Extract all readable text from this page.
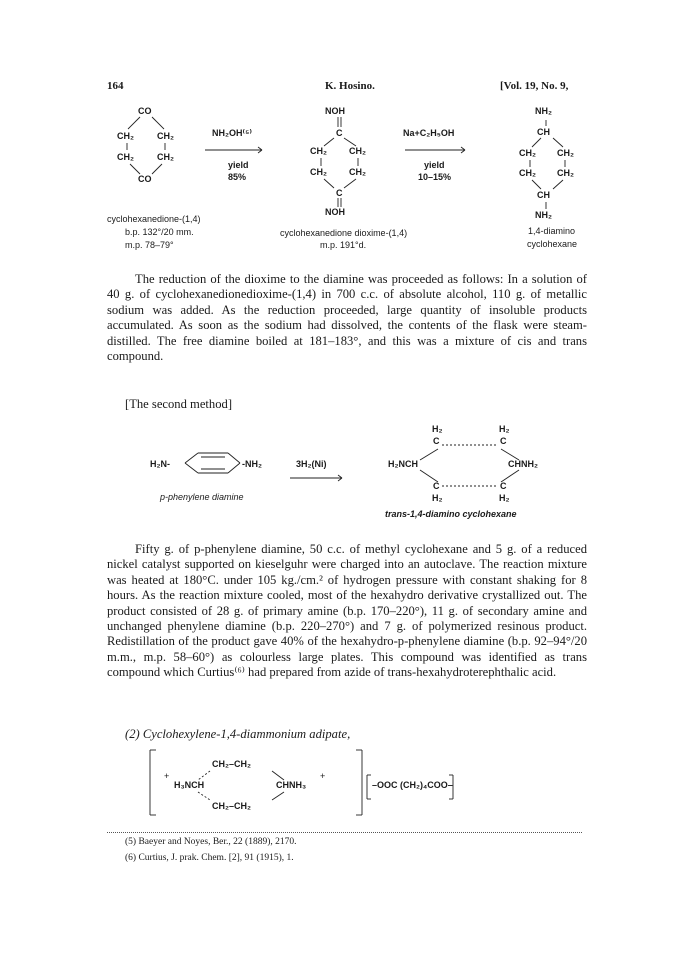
164	K. Hosino.	[Vol. 19, No. 9,
CO
CH₂	CH₂
CH₂	CH₂
CO
NH₂OH⁽⁵⁾
yield
85%
NOH
C
CH₂ CH₂
CH₂ CH₂
C
NOH
Na+C₂H₅OH
yield
10–15%
NH₂
CH
CH₂ CH₂
CH₂ CH₂
CH
NH₂
cyclohexanedione-(1,4)
b.p. 132°/20 mm.
m.p. 78–79°
cyclohexanedione dioxime-(1,4)
m.p. 191°d.
1,4-diamino
cyclohexane

The reduction of the dioxime to the diamine was proceeded as follows: In a solution of 40 g. of cyclohexanedionedioxime-(1,4) in 700 c.c. of absolute alcohol, 110 g. of metallic sodium was added. As the reduction proceeded, large quantity of insoluble products accumulated. As soon as the sodium had dissolved, the contents of the flask were steam-distilled. The free diamine boiled at 181–183°, and this was a mixture of cis and trans compound.

[The second method]
H₂N-	-NH₂	3H₂(Ni)
H₂	H₂
C	C
H₂NCH	CHNH₂
C	C
H₂	H₂
p-phenylene diamine
trans-1,4-diamino cyclohexane

Fifty g. of p-phenylene diamine, 50 c.c. of methyl cyclohexane and 5 g. of a reduced nickel catalyst supported on kieselguhr were charged into an autoclave. The reaction mixture was heated at 180°C. under 105 kg./cm.² of hydrogen pressure with constant shaking for 8 hours. As the reaction mixture cooled, most of the hexahydro derivative crystallized out. The product consisted of 28 g. of primary amine (b.p. 170–220°), 11 g. of secondary amine and unchanged phenylene diamine (b.p. 220–270°) and 7 g. of polymerized resinous product. Redistillation of the product gave 40% of the hexahydro-p-phenylene diamine (b.p. 92–94°/20 m.m., m.p. 58–60°) as colourless large plates. This compound was identified as trans compound which Curtius⁽⁶⁾ had prepared from azide of trans-hexahydroterephthalic acid.

(2) Cyclohexylene-1,4-diammonium adipate,
CH₂–CH₂
H₃NCH	CHNH₃
CH₂–CH₂
+	+
–OOC (CH₂)₄COO–
(5) Baeyer and Noyes, Ber., 22 (1889), 2170.
(6) Curtius, J. prak. Chem. [2], 91 (1915), 1.
